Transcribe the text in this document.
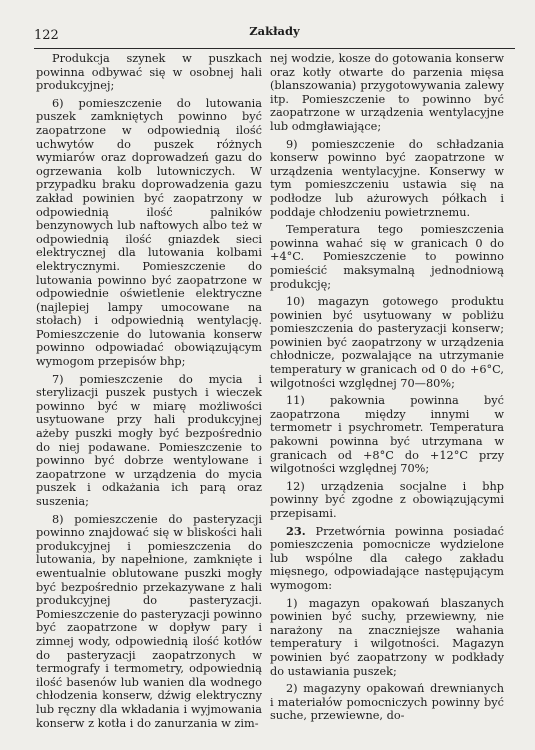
122	Zakłady

Produkcja szynek w puszkach powinna odbywać się w osobnej hali produkcyjnej;

6) pomieszczenie do lutowania puszek zamkniętych powinno być zaopatrzone w odpowiednią ilość uchwytów do puszek różnych wymiarów oraz doprowadzeń gazu do ogrzewania kolb lutowniczych. W przypadku braku doprowadzenia gazu zakład powinien być zaopatrzony w odpowiednią ilość palników benzynowych lub naftowych albo też w odpowiednią ilość gniazdek sieci elektrycznej dla lutowania kolbami elektrycznymi. Pomieszczenie do lutowania powinno być zaopatrzone w odpowiednie oświetlenie elektryczne (najlepiej lampy umocowane na stołach) i odpowiednią wentylację. Pomieszczenie do lutowania konserw powinno odpowiadać obowiązującym wymogom przepisów bhp;

7) pomieszczenie do mycia i sterylizacji puszek pustych i wieczek powinno być w miarę możliwości usytuowane przy hali produkcyjnej ażeby puszki mogły być bezpośrednio do niej podawane. Pomieszczenie to powinno być dobrze wentylowane i zaopatrzone w urządzenia do mycia puszek i odkażania ich parą oraz suszenia;

8) pomieszczenie do pasteryzacji powinno znajdować się w bliskości hali produkcyjnej i pomieszczenia do lutowania, by napełnione, zamknięte i ewentualnie oblutowane puszki mogły być bezpośrednio przekazywane z hali produkcyjnej do pasteryzacji. Pomieszczenie do pasteryzacji powinno być zaopatrzone w dopływ pary i zimnej wody, odpowiednią ilość kotłów do pasteryzacji zaopatrzonych w termografy i termometry, odpowiednią ilość basenów lub wanien dla wodnego chłodzenia konserw, dźwig elektryczny lub ręczny dla wkładania i wyjmowania konserw z kotła i do zanurzania w zim-

nej wodzie, kosze do gotowania konserw oraz kotły otwarte do parzenia mięsa (blanszowania) przygotowywania zalewy itp. Pomieszczenie to powinno być zaopatrzone w urządzenia wentylacyjne lub odmgławiające;

9) pomieszczenie do schładzania konserw powinno być zaopatrzone w urządzenia wentylacyjne. Konserwy w tym pomieszczeniu ustawia się na podłodze lub ażurowych półkach i poddaje chłodzeniu powietrznemu.

Temperatura tego pomieszczenia powinna wahać się w granicach 0 do +4°C. Pomieszczenie to powinno pomieścić maksymalną jednodniową produkcję;

10) magazyn gotowego produktu powinien być usytuowany w pobliżu pomieszczenia do pasteryzacji konserw; powinien być zaopatrzony w urządzenia chłodnicze, pozwalające na utrzymanie temperatury w granicach od 0 do +6°C, wilgotności względnej 70—80%;

11) pakownia powinna być zaopatrzona między innymi w termometr i psychrometr. Temperatura pakowni powinna być utrzymana w granicach od +8°C do +12°C przy wilgotności względnej 70%;

12) urządzenia socjalne i bhp powinny być zgodne z obowiązującymi przepisami.

23. Przetwórnia powinna posiadać pomieszczenia pomocnicze wydzielone lub wspólne dla całego zakładu mięsnego, odpowiadające następującym wymogom:

1) magazyn opakowań blaszanych powinien być suchy, przewiewny, nie narażony na znaczniejsze wahania temperatury i wilgotności. Magazyn powinien być zaopatrzony w podkłady do ustawiania puszek;

2) magazyny opakowań drewnianych i materiałów pomocniczych powinny być suche, przewiewne, do-
